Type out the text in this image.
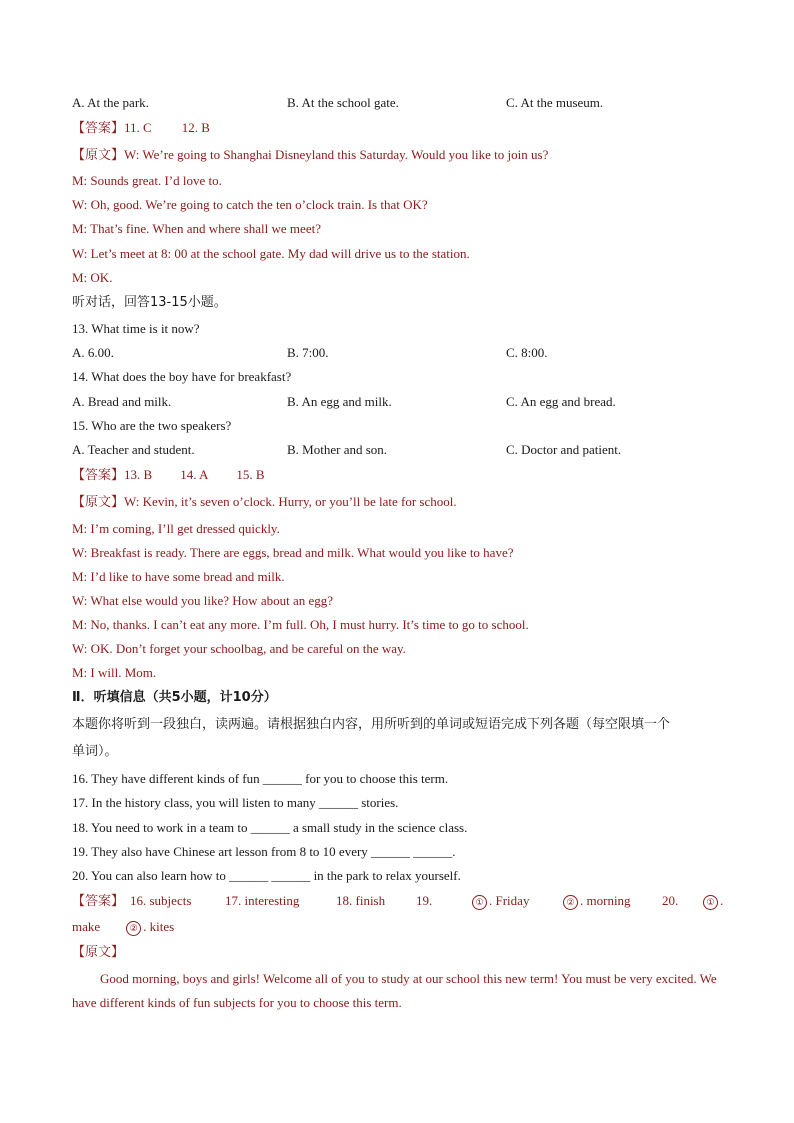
A. At the park.	B. At the school gate.	C. At the museum.
【答案】11. C 12. B
【原文】W: We’re going to Shanghai Disneyland this Saturday. Would you like to join us?
M: Sounds great. I’d love to.
W: Oh, good. We’re going to catch the ten o’clock train. Is that OK?
M: That’s fine. When and where shall we meet?
W: Let’s meet at 8: 00 at the school gate. My dad will drive us to the station.
M: OK.
听对话，回答13-15小题。
13. What time is it now?
A. 6.00.	B. 7:00.	C. 8:00.
14. What does the boy have for breakfast?
A. Bread and milk.	B. An egg and milk.	C. An egg and bread.
15. Who are the two speakers?
A. Teacher and student.	B. Mother and son.	C. Doctor and patient.
【答案】13. B 14. A 15. B
【原文】W: Kevin, it’s seven o’clock. Hurry, or you’ll be late for school.
M: I’m coming, I’ll get dressed quickly.
W: Breakfast is ready. There are eggs, bread and milk. What would you like to have?
M: I’d like to have some bread and milk.
W: What else would you like? How about an egg?
M: No, thanks. I can’t eat any more. I’m full. Oh, I must hurry. It’s time to go to school.
W: OK. Don’t forget your schoolbag, and be careful on the way.
M: I will. Mom.
Ⅱ．听填信息（共5小题，计10分）
本题你将听到一段独白，读两遍。请根据独白内容，用所听到的单词或短语完成下列各题（每空限填一个
单词）。
16. They have different kinds of fun ______ for you to choose this term.
17. In the history class, you will listen to many ______ stories.
18. You need to work in a team to ______ a small study in the science class.
19. They also have Chinese art lesson from 8 to 10 every ______ ______.
20. You can also learn how to ______ ______ in the park to relax yourself.
【答案】 16. subjects	17. interesting	18. finish 19.	① . Friday	② . morning 20.	① .
make	② . kites
【原文】
Good morning, boys and girls! Welcome all of you to study at our school this new term! You must be very excited. We have different kinds of fun subjects for you to choose this term.
